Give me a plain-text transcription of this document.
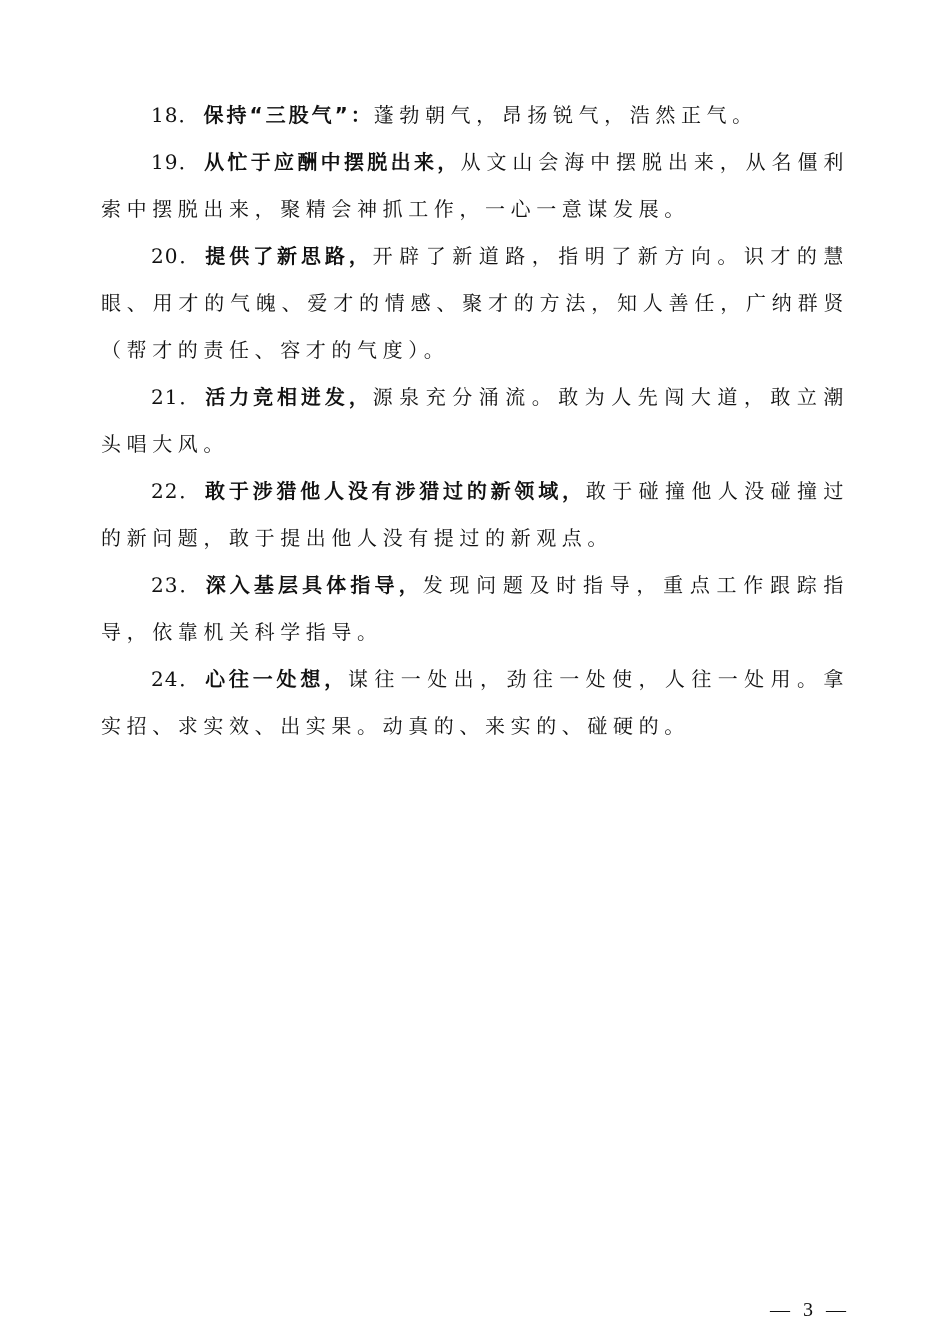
18． 保持“三股气”：蓬勃朝气，昂扬锐气，浩然正气。

19． 从忙于应酬中摆脱出来，从文山会海中摆脱出来，从名僵利索中摆脱出来，聚精会神抓工作，一心一意谋发展。

20． 提供了新思路，开辟了新道路，指明了新方向。识才的慧眼、用才的气魄、爱才的情感、聚才的方法，知人善任，广纳群贤（帮才的责任、容才的气度）。

21． 活力竞相迸发，源泉充分涌流。敢为人先闯大道，敢立潮头唱大风。

22． 敢于涉猎他人没有涉猎过的新领域，敢于碰撞他人没碰撞过的新问题，敢于提出他人没有提过的新观点。

23． 深入基层具体指导，发现问题及时指导，重点工作跟踪指导，依靠机关科学指导。

24． 心往一处想，谋往一处出，劲往一处使，人往一处用。拿实招、求实效、出实果。动真的、来实的、碰硬的。

— 3 —
